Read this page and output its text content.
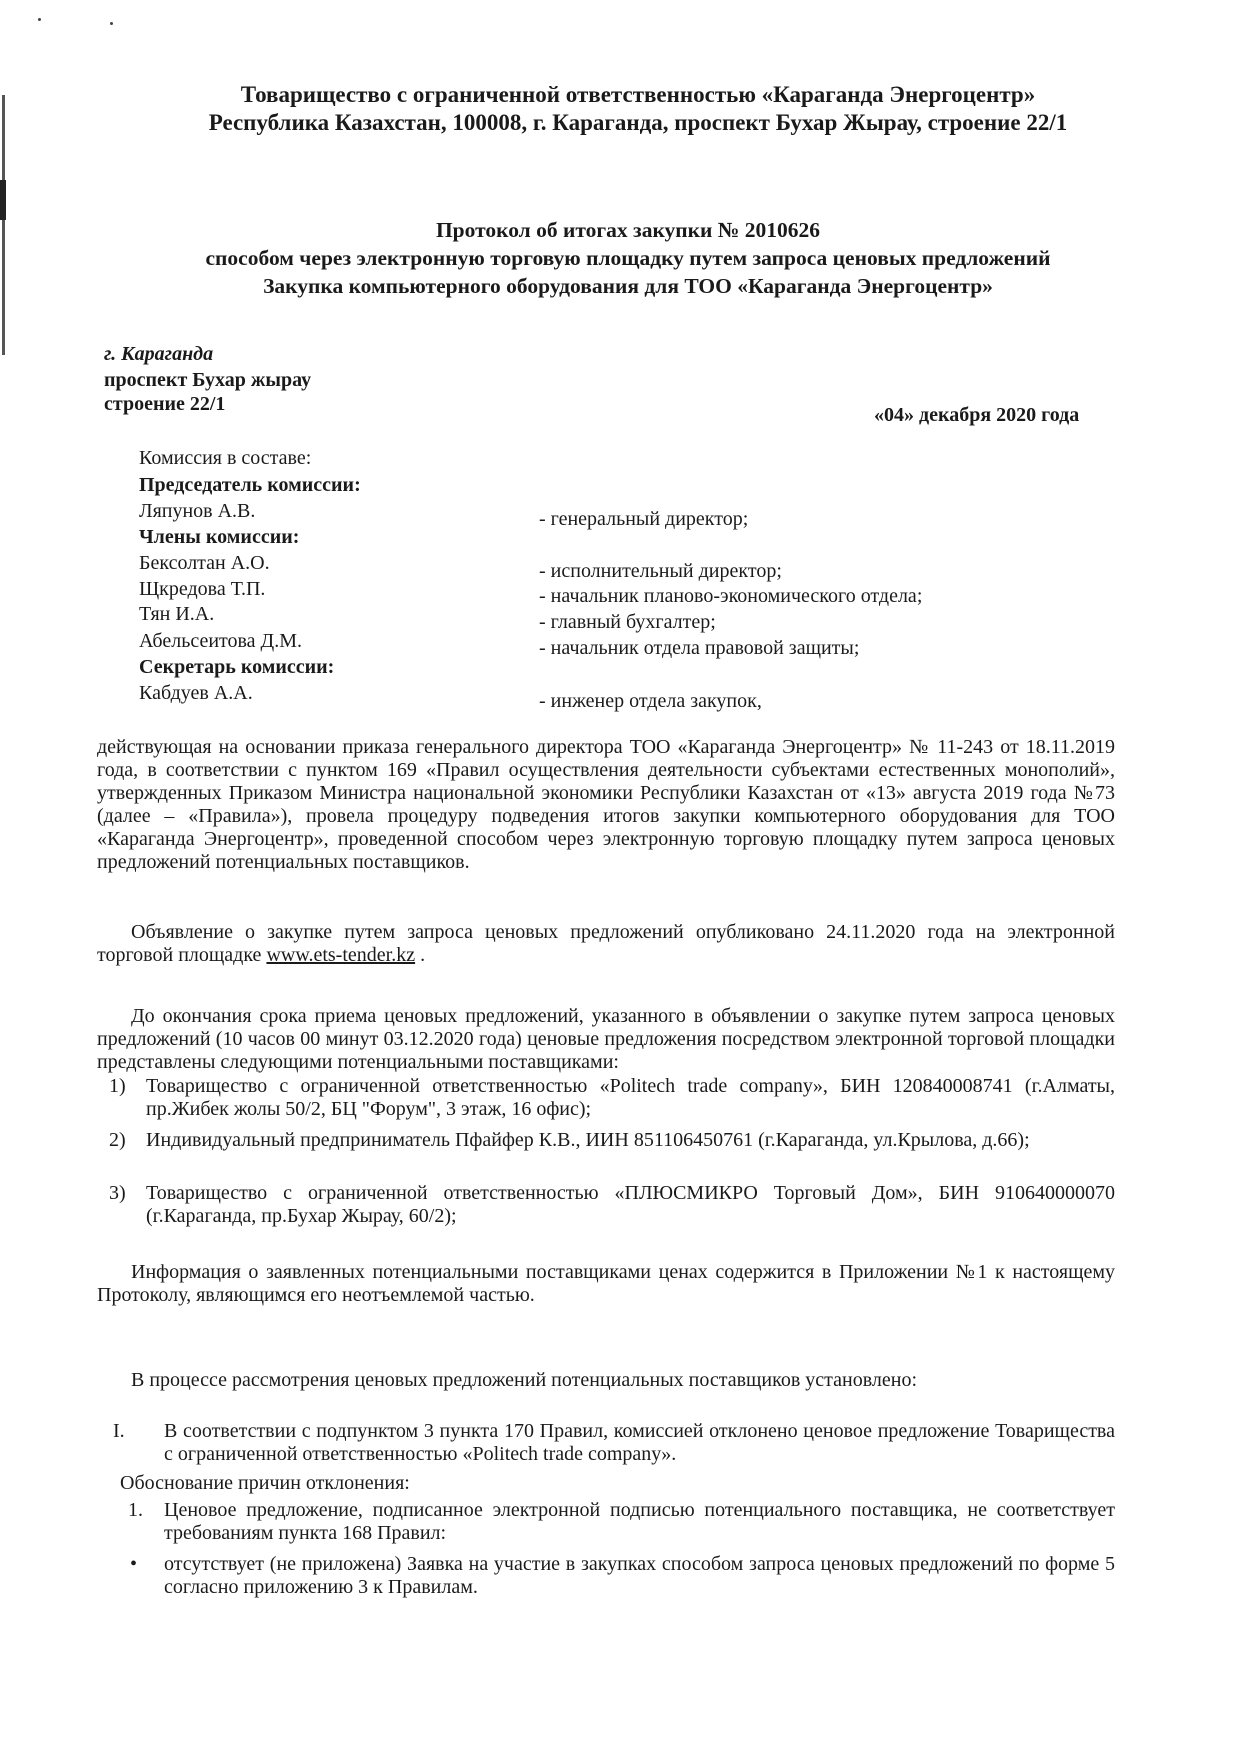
Товарищество с ограниченной ответственностью «Караганда Энергоцентр»
Республика Казахстан, 100008, г. Караганда, проспект Бухар Жырау, строение 22/1
Протокол об итогах закупки № 2010626
способом через электронную торговую площадку путем запроса ценовых предложений
Закупка компьютерного оборудования для ТОО «Караганда Энергоцентр»
г. Караганда
проспект Бухар жырау
строение 22/1	«04» декабря 2020 года
Комиссия в составе:
Председатель комиссии:
Ляпунов А.В.	- генеральный директор;
Члены комиссии:
Бексолтан А.О.	- исполнительный директор;
Щкредова Т.П.	- начальник планово-экономического отдела;
Тян И.А.	- главный бухгалтер;
Абельсеитова Д.М.	- начальник отдела правовой защиты;
Секретарь комиссии:
Кабдуев А.А.	- инженер отдела закупок,

действующая на основании приказа генерального директора ТОО «Караганда Энергоцентр» № 11-243 от 18.11.2019 года, в соответствии с пунктом 169 «Правил осуществления деятельности субъектами естественных монополий», утвержденных Приказом Министра национальной экономики Республики Казахстан от «13» августа 2019 года №73 (далее – «Правила»), провела процедуру подведения итогов закупки компьютерного оборудования для ТОО «Караганда Энергоцентр», проведенной способом через электронную торговую площадку путем запроса ценовых предложений потенциальных поставщиков.

Объявление о закупке путем запроса ценовых предложений опубликовано 24.11.2020 года на электронной торговой площадке www.ets-tender.kz .

До окончания срока приема ценовых предложений, указанного в объявлении о закупке путем запроса ценовых предложений (10 часов 00 минут 03.12.2020 года) ценовые предложения посредством электронной торговой площадки представлены следующими потенциальными поставщиками:

1) Товарищество с ограниченной ответственностью «Politech trade company», БИН 120840008741 (г.Алматы, пр.Жибек жолы 50/2, БЦ "Форум", 3 этаж, 16 офис);

2) Индивидуальный предприниматель Пфайфер К.В., ИИН 851106450761 (г.Караганда, ул.Крылова, д.66);

3) Товарищество с ограниченной ответственностью «ПЛЮСМИКРО Торговый Дом», БИН 910640000070 (г.Караганда, пр.Бухар Жырау, 60/2);

Информация о заявленных потенциальными поставщиками ценах содержится в Приложении №1 к настоящему Протоколу, являющимся его неотъемлемой частью.

В процессе рассмотрения ценовых предложений потенциальных поставщиков установлено:

I. В соответствии с подпунктом 3 пункта 170 Правил, комиссией отклонено ценовое предложение Товарищества с ограниченной ответственностью «Politech trade company».

Обоснование причин отклонения:
1. Ценовое предложение, подписанное электронной подписью потенциального поставщика, не соответствует требованиям пункта 168 Правил:

• отсутствует (не приложена) Заявка на участие в закупках способом запроса ценовых предложений по форме 5 согласно приложению 3 к Правилам.
